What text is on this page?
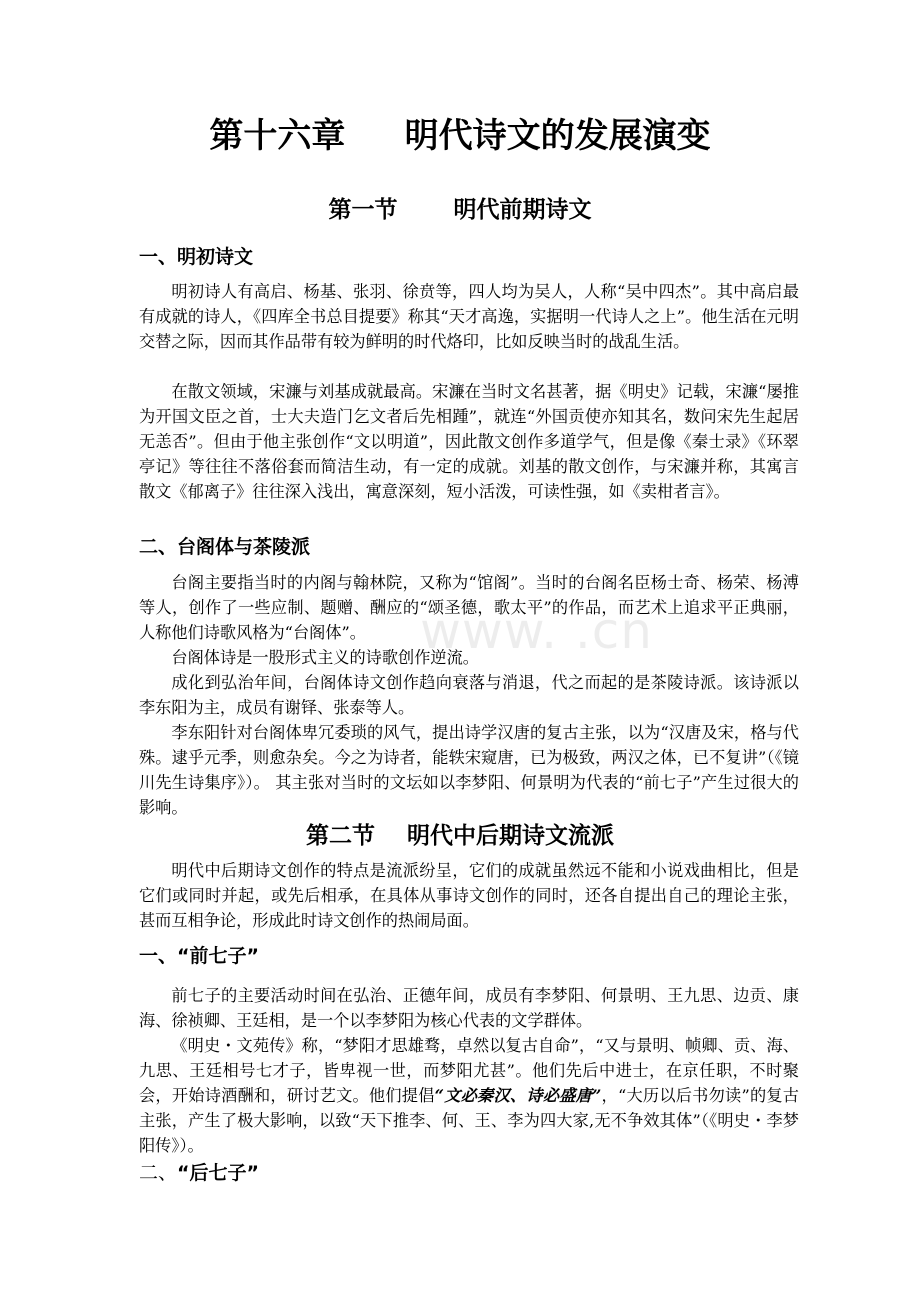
第十六章     明代诗文的发展演变
第一节       明代前期诗文
一、明初诗文
明初诗人有高启、杨基、张羽、徐贲等，四人均为吴人，人称“吴中四杰”。其中高启最有成就的诗人，《四库全书总目提要》称其“天才高逸，实据明一代诗人之上”。他生活在元明交替之际，因而其作品带有较为鲜明的时代烙印，比如反映当时的战乱生活。
在散文领域，宋濂与刘基成就最高。宋濂在当时文名甚著，据《明史》记载，宋濂“屡推为开国文臣之首，士大夫造门乞文者后先相踵”，就连“外国贡使亦知其名，数问宋先生起居无恙否”。但由于他主张创作“文以明道”，因此散文创作多道学气，但是像《秦士录》《环翠亭记》等往往不落俗套而简洁生动，有一定的成就。刘基的散文创作，与宋濂并称，其寓言散文《郁离子》往往深入浅出，寓意深刻，短小活泼，可读性强，如《卖柑者言》。
二、台阁体与茶陵派
台阁主要指当时的内阁与翰林院，又称为“馆阁”。当时的台阁名臣杨士奇、杨荣、杨溥等人，创作了一些应制、题赠、酬应的“颂圣德，歌太平”的作品，而艺术上追求平正典丽，人称他们诗歌风格为“台阁体”。
台阁体诗是一股形式主义的诗歌创作逆流。
成化到弘治年间，台阁体诗文创作趋向衰落与消退，代之而起的是茶陵诗派。该诗派以李东阳为主，成员有谢铎、张泰等人。
李东阳针对台阁体卑冗委琐的风气，提出诗学汉唐的复古主张，以为“汉唐及宋，格与代殊。逮乎元季，则愈杂矣。今之为诗者，能轶宋窥唐，已为极致，两汉之体，已不复讲”（《镜川先生诗集序》）。 其主张对当时的文坛如以李梦阳、何景明为代表的“前七子”产生过很大的影响。
第二节    明代中后期诗文流派
明代中后期诗文创作的特点是流派纷呈，它们的成就虽然远不能和小说戏曲相比，但是它们或同时并起，或先后相承，在具体从事诗文创作的同时，还各自提出自己的理论主张，甚而互相争论，形成此时诗文创作的热闹局面。
一、“前七子”
前七子的主要活动时间在弘治、正德年间，成员有李梦阳、何景明、王九思、边贡、康海、徐祯卿、王廷相，是一个以李梦阳为核心代表的文学群体。
《明史・文苑传》称，“梦阳才思雄骛，卓然以复古自命”，“又与景明、帧卿、贡、海、九思、王廷相号七才子，皆卑视一世，而梦阳尤甚”。他们先后中进士，在京任职，不时聚会，开始诗酒酬和，研讨艺文。他们提倡“文必秦汉、诗必盛唐”，“大历以后书勿读”的复古主张，产生了极大影响，以致“天下推李、何、王、李为四大家,无不争效其体”（《明史・李梦阳传》）。
二、“后七子”
www. .cn
